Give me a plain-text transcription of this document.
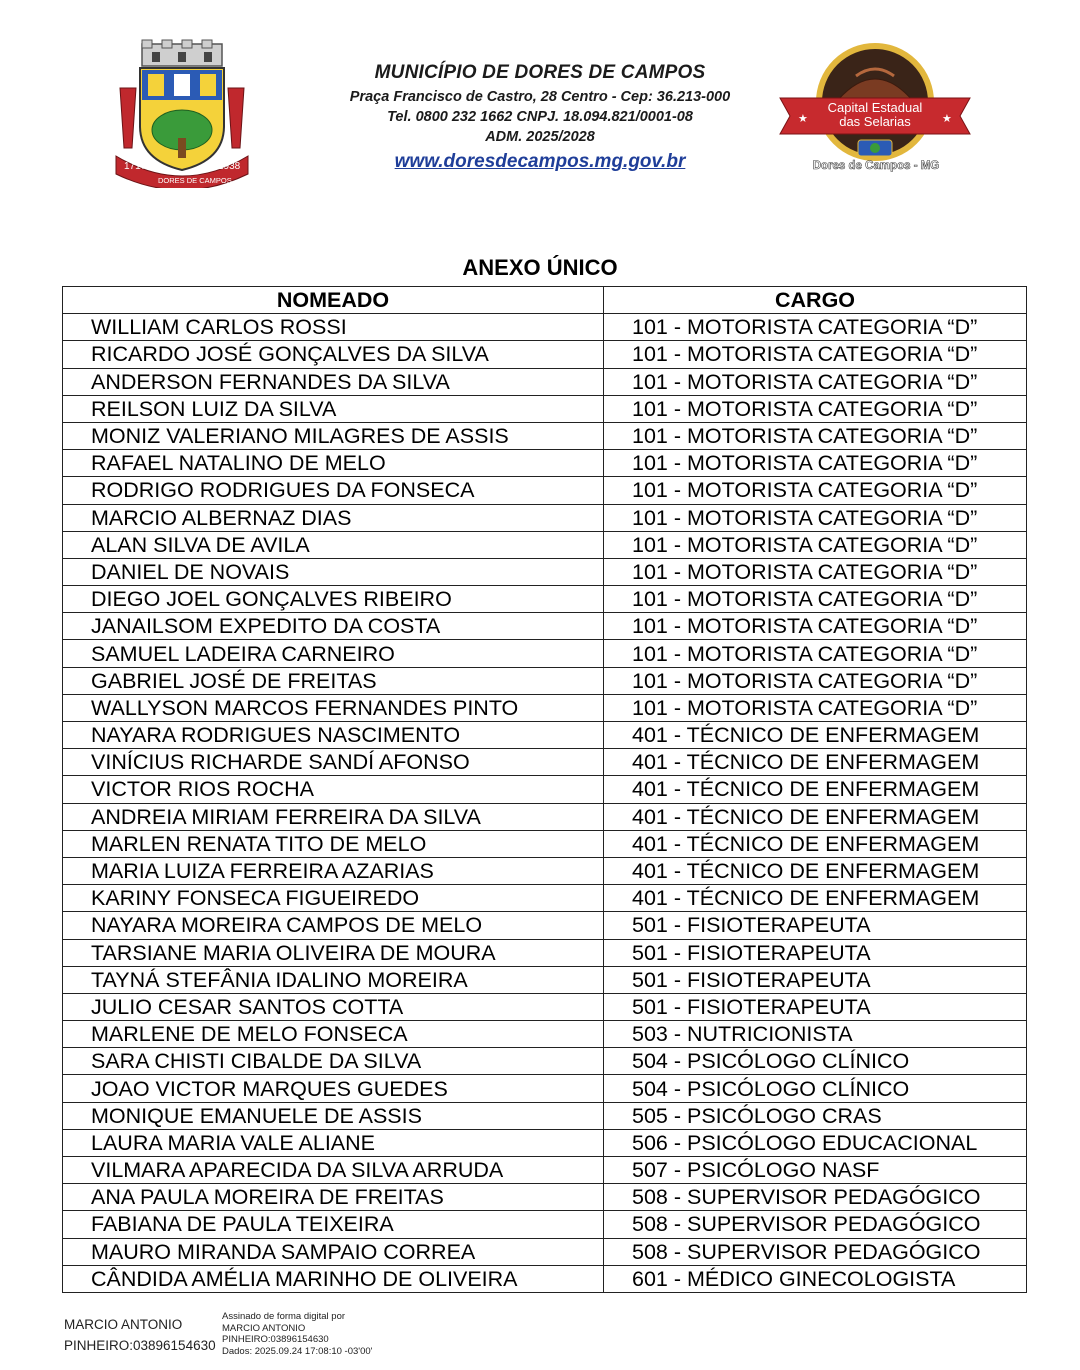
1717	1938
DORES DE CAMPOS
MUNICÍPIO DE DORES DE CAMPOS
Praça Francisco de Castro, 28 Centro - Cep: 36.213-000
Tel. 0800 232 1662 CNPJ. 18.094.821/0001-08
ADM. 2025/2028
www.doresdecampos.mg.gov.br
Capital Estadual
das Selarias
★	★
Dores de Campos - MG
ANEXO ÚNICO
NOMEADO	CARGO
WILLIAM CARLOS ROSSI	101 - MOTORISTA CATEGORIA “D”
RICARDO JOSÉ GONÇALVES DA SILVA	101 - MOTORISTA CATEGORIA “D”
ANDERSON FERNANDES DA SILVA	101 - MOTORISTA CATEGORIA “D”
REILSON LUIZ DA SILVA	101 - MOTORISTA CATEGORIA “D”
MONIZ VALERIANO MILAGRES DE ASSIS	101 - MOTORISTA CATEGORIA “D”
RAFAEL NATALINO DE MELO	101 - MOTORISTA CATEGORIA “D”
RODRIGO RODRIGUES DA FONSECA	101 - MOTORISTA CATEGORIA “D”
MARCIO ALBERNAZ DIAS	101 - MOTORISTA CATEGORIA “D”
ALAN SILVA DE AVILA	101 - MOTORISTA CATEGORIA “D”
DANIEL DE NOVAIS	101 - MOTORISTA CATEGORIA “D”
DIEGO JOEL GONÇALVES RIBEIRO	101 - MOTORISTA CATEGORIA “D”
JANAILSOM EXPEDITO DA COSTA	101 - MOTORISTA CATEGORIA “D”
SAMUEL LADEIRA CARNEIRO	101 - MOTORISTA CATEGORIA “D”
GABRIEL JOSÉ DE FREITAS	101 - MOTORISTA CATEGORIA “D”
WALLYSON MARCOS FERNANDES PINTO	101 - MOTORISTA CATEGORIA “D”
NAYARA RODRIGUES NASCIMENTO	401 - TÉCNICO DE ENFERMAGEM
VINÍCIUS RICHARDE SANDÍ AFONSO	401 - TÉCNICO DE ENFERMAGEM
VICTOR RIOS ROCHA	401 - TÉCNICO DE ENFERMAGEM
ANDREIA MIRIAM FERREIRA DA SILVA	401 - TÉCNICO DE ENFERMAGEM
MARLEN RENATA TITO DE MELO	401 - TÉCNICO DE ENFERMAGEM
MARIA LUIZA FERREIRA AZARIAS	401 - TÉCNICO DE ENFERMAGEM
KARINY FONSECA FIGUEIREDO	401 - TÉCNICO DE ENFERMAGEM
NAYARA MOREIRA CAMPOS DE MELO	501 - FISIOTERAPEUTA
TARSIANE MARIA OLIVEIRA DE MOURA	501 - FISIOTERAPEUTA
TAYNÁ STEFÂNIA IDALINO MOREIRA	501 - FISIOTERAPEUTA
JULIO CESAR SANTOS COTTA	501 - FISIOTERAPEUTA
MARLENE DE MELO FONSECA	503 - NUTRICIONISTA
SARA CHISTI CIBALDE DA SILVA	504 - PSICÓLOGO CLÍNICO
JOAO VICTOR MARQUES GUEDES	504 - PSICÓLOGO CLÍNICO
MONIQUE EMANUELE DE ASSIS	505 - PSICÓLOGO CRAS
LAURA MARIA VALE ALIANE	506 - PSICÓLOGO EDUCACIONAL
VILMARA APARECIDA DA SILVA ARRUDA	507 - PSICÓLOGO NASF
ANA PAULA MOREIRA DE FREITAS	508 - SUPERVISOR PEDAGÓGICO
FABIANA DE PAULA TEIXEIRA	508 - SUPERVISOR PEDAGÓGICO
MAURO MIRANDA SAMPAIO CORREA	508 - SUPERVISOR PEDAGÓGICO
CÂNDIDA AMÉLIA MARINHO DE OLIVEIRA	601 - MÉDICO GINECOLOGISTA
MARCIO ANTONIO
PINHEIRO:03896154630
Assinado de forma digital por
MARCIO ANTONIO
PINHEIRO:03896154630
Dados: 2025.09.24 17:08:10 -03'00'
